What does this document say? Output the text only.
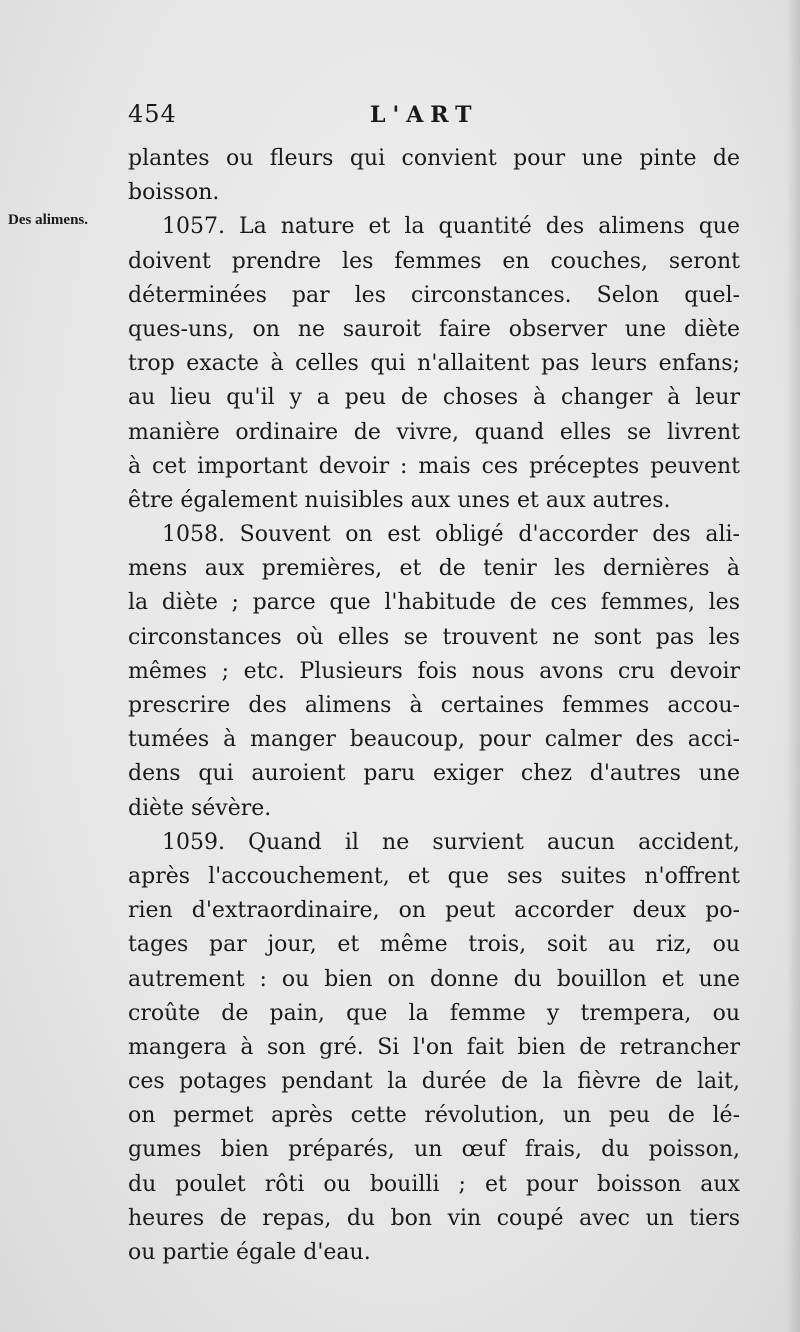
454	L'ART
Des alimens.
plantes ou fleurs qui convient pour une pinte de
boisson.
1057. La nature et la quantité des alimens que
doivent prendre les femmes en couches, seront
déterminées par les circonstances. Selon quel-
ques-uns, on ne sauroit faire observer une diète
trop exacte à celles qui n'allaitent pas leurs enfans;
au lieu qu'il y a peu de choses à changer à leur
manière ordinaire de vivre, quand elles se livrent
à cet important devoir : mais ces préceptes peuvent
être également nuisibles aux unes et aux autres.
1058. Souvent on est obligé d'accorder des ali-
mens aux premières, et de tenir les dernières à
la diète ; parce que l'habitude de ces femmes, les
circonstances où elles se trouvent ne sont pas les
mêmes ; etc. Plusieurs fois nous avons cru devoir
prescrire des alimens à certaines femmes accou-
tumées à manger beaucoup, pour calmer des acci-
dens qui auroient paru exiger chez d'autres une
diète sévère.
1059. Quand il ne survient aucun accident,
après l'accouchement, et que ses suites n'offrent
rien d'extraordinaire, on peut accorder deux po-
tages par jour, et même trois, soit au riz, ou
autrement : ou bien on donne du bouillon et une
croûte de pain, que la femme y trempera, ou
mangera à son gré. Si l'on fait bien de retrancher
ces potages pendant la durée de la fièvre de lait,
on permet après cette révolution, un peu de lé-
gumes bien préparés, un œuf frais, du poisson,
du poulet rôti ou bouilli ; et pour boisson aux
heures de repas, du bon vin coupé avec un tiers
ou partie égale d'eau.
